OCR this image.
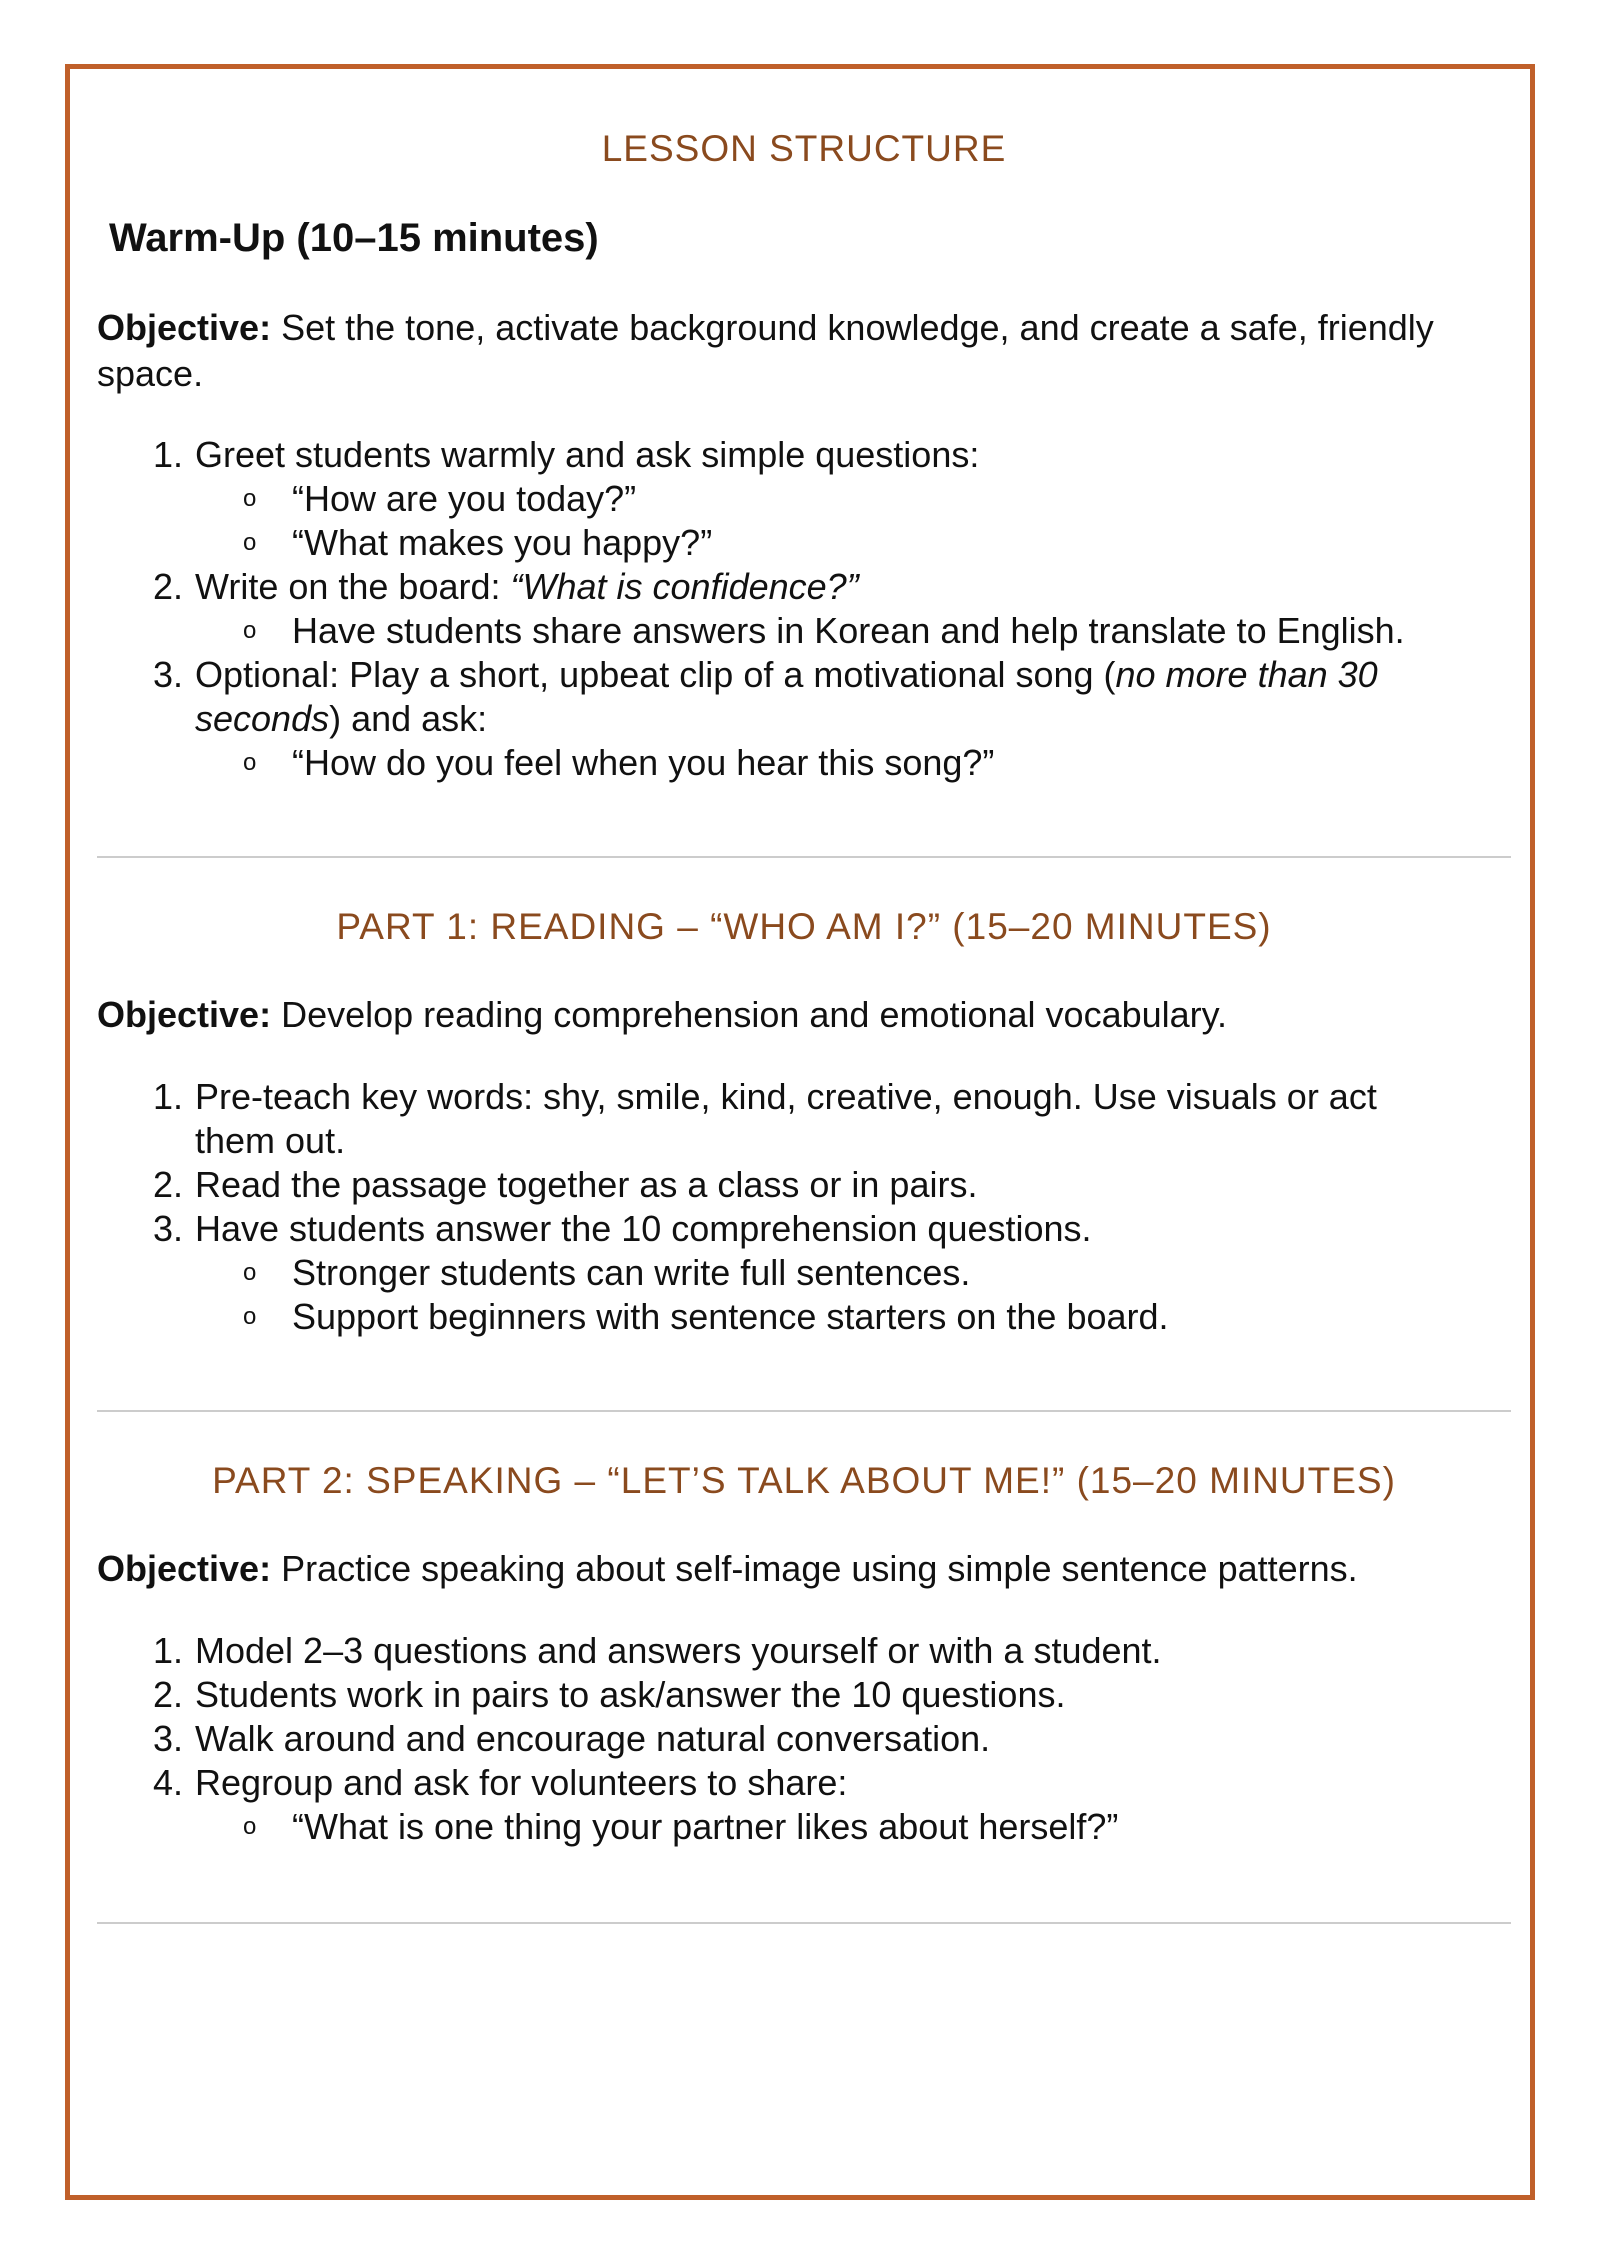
LESSON STRUCTURE
Warm-Up (10–15 minutes)

Objective: Set the tone, activate background knowledge, and create a safe, friendly
space.

1. Greet students warmly and ask simple questions:
o “How are you today?”
o “What makes you happy?”
2. Write on the board: “What is confidence?”
o Have students share answers in Korean and help translate to English.
3. Optional: Play a short, upbeat clip of a motivational song (no more than 30
seconds) and ask:
o “How do you feel when you hear this song?”
PART 1: READING – “WHO AM I?” (15–20 MINUTES)

Objective: Develop reading comprehension and emotional vocabulary.

1. Pre-teach key words: shy, smile, kind, creative, enough. Use visuals or act
them out.
2. Read the passage together as a class or in pairs.
3. Have students answer the 10 comprehension questions.
o Stronger students can write full sentences.
o Support beginners with sentence starters on the board.
PART 2: SPEAKING – “LET’S TALK ABOUT ME!” (15–20 MINUTES)

Objective: Practice speaking about self-image using simple sentence patterns.

1. Model 2–3 questions and answers yourself or with a student.
2. Students work in pairs to ask/answer the 10 questions.
3. Walk around and encourage natural conversation.
4. Regroup and ask for volunteers to share:
o “What is one thing your partner likes about herself?”
